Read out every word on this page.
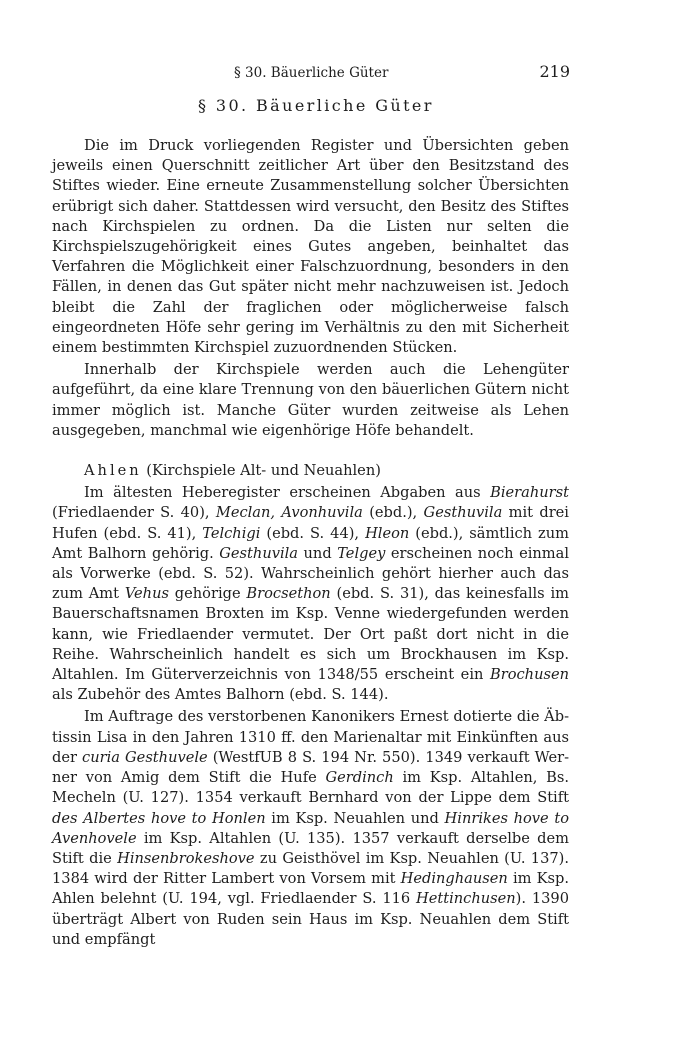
§ 30. Bäuerliche Güter	219
§ 30. Bäuerliche Güter

Die im Druck vorliegenden Register und Übersichten geben jeweils einen Querschnitt zeitlicher Art über den Besitzstand des Stiftes wieder. Eine erneute Zusammenstellung solcher Übersichten erübrigt sich daher. Stattdessen wird versucht, den Besitz des Stiftes nach Kirchspielen zu ordnen. Da die Listen nur selten die Kirchspielszugehörigkeit eines Gutes angeben, beinhaltet das Verfahren die Möglichkeit einer Falschzuordnung, besonders in den Fällen, in denen das Gut später nicht mehr nachzuweisen ist. Jedoch bleibt die Zahl der fraglichen oder möglicherweise falsch eingeordneten Höfe sehr gering im Verhältnis zu den mit Sicherheit einem bestimmten Kirchspiel zuzuordnenden Stücken.

Innerhalb der Kirchspiele werden auch die Lehengüter aufgeführt, da eine klare Trennung von den bäuerlichen Gütern nicht immer möglich ist. Manche Güter wurden zeitweise als Lehen ausgegeben, manchmal wie eigenhörige Höfe behandelt.

Ahlen (Kirchspiele Alt- und Neuahlen)

Im ältesten Heberegister erscheinen Abgaben aus Bierahurst (Friedlaender S. 40), Meclan, Avonhuvila (ebd.), Gesthuvila mit drei Hufen (ebd. S. 41), Telchigi (ebd. S. 44), Hleon (ebd.), sämtlich zum Amt Balhorn gehörig. Gesthuvila und Telgey erscheinen noch einmal als Vorwerke (ebd. S. 52). Wahrscheinlich gehört hierher auch das zum Amt Vehus gehörige Brocsethon (ebd. S. 31), das keinesfalls im Bauerschaftsnamen Broxten im Ksp. Venne wiedergefunden werden kann, wie Friedlaender vermutet. Der Ort paßt dort nicht in die Reihe. Wahrscheinlich handelt es sich um Brockhausen im Ksp. Altahlen. Im Güterverzeichnis von 1348/55 erscheint ein Brochusen als Zubehör des Amtes Balhorn (ebd. S. 144).

Im Auftrage des verstorbenen Kanonikers Ernest dotierte die Äbtissin Lisa in den Jahren 1310 ff. den Marienaltar mit Einkünften aus der curia Gesthuvele (WestfUB 8 S. 194 Nr. 550). 1349 verkauft Werner von Amig dem Stift die Hufe Gerdinch im Ksp. Altahlen, Bs. Mecheln (U. 127). 1354 verkauft Bernhard von der Lippe dem Stift des Albertes hove to Honlen im Ksp. Neuahlen und Hinrikes hove to Avenhovele im Ksp. Altahlen (U. 135). 1357 verkauft derselbe dem Stift die Hinsenbrokeshove zu Geisthövel im Ksp. Neuahlen (U. 137). 1384 wird der Ritter Lambert von Vorsem mit Hedinghausen im Ksp. Ahlen belehnt (U. 194, vgl. Friedlaender S. 116 Hettinchusen). 1390 überträgt Albert von Ruden sein Haus im Ksp. Neuahlen dem Stift und empfängt
